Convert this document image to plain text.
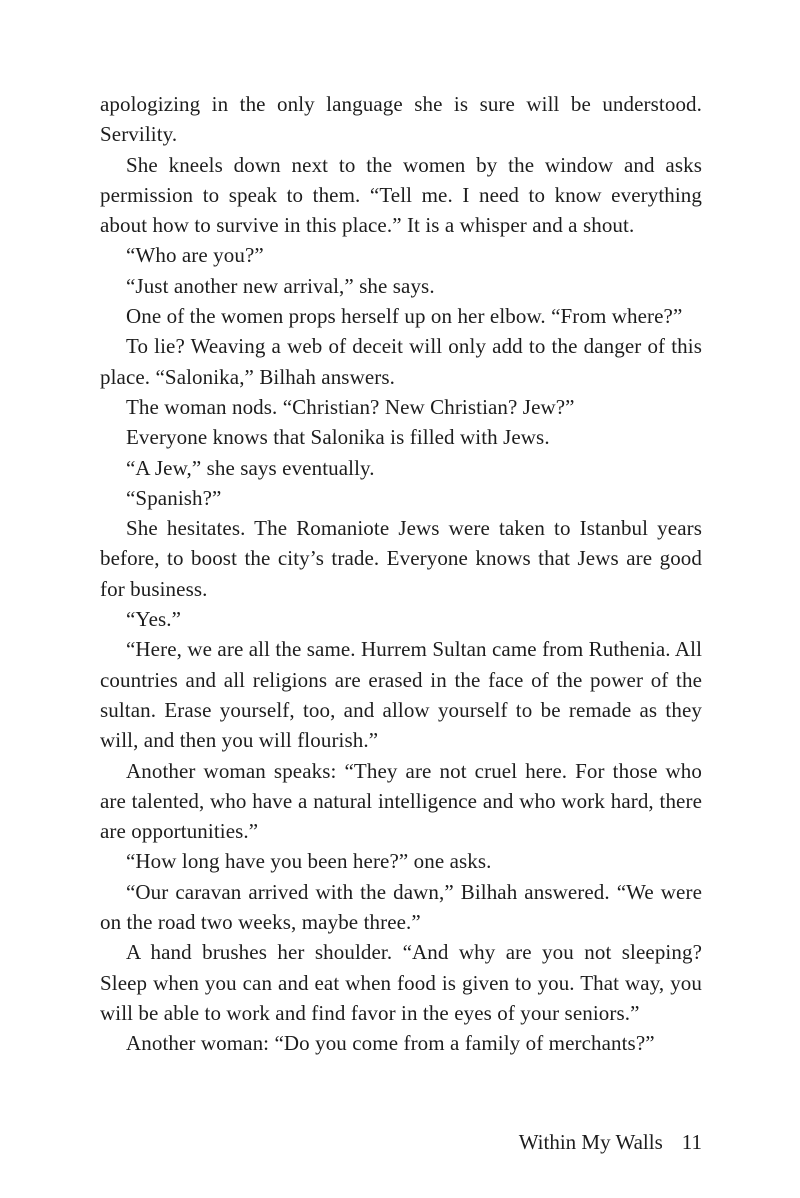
apologizing in the only language she is sure will be understood. Servility.

She kneels down next to the women by the window and asks permission to speak to them. “Tell me. I need to know everything about how to survive in this place.” It is a whisper and a shout.

“Who are you?”

“Just another new arrival,” she says.

One of the women props herself up on her elbow. “From where?”

To lie? Weaving a web of deceit will only add to the danger of this place. “Salonika,” Bilhah answers.

The woman nods. “Christian? New Christian? Jew?”

Everyone knows that Salonika is filled with Jews.

“A Jew,” she says eventually.

“Spanish?”

She hesitates. The Romaniote Jews were taken to Istanbul years before, to boost the city’s trade. Everyone knows that Jews are good for business.

“Yes.”

“Here, we are all the same. Hurrem Sultan came from Ruthenia. All countries and all religions are erased in the face of the power of the sultan. Erase yourself, too, and allow yourself to be remade as they will, and then you will flourish.”

Another woman speaks: “They are not cruel here. For those who are talented, who have a natural intelligence and who work hard, there are opportunities.”

“How long have you been here?” one asks.

“Our caravan arrived with the dawn,” Bilhah answered. “We were on the road two weeks, maybe three.”

A hand brushes her shoulder. “And why are you not sleeping? Sleep when you can and eat when food is given to you. That way, you will be able to work and find favor in the eyes of your seniors.”

Another woman: “Do you come from a family of merchants?”

Within My Walls 11
